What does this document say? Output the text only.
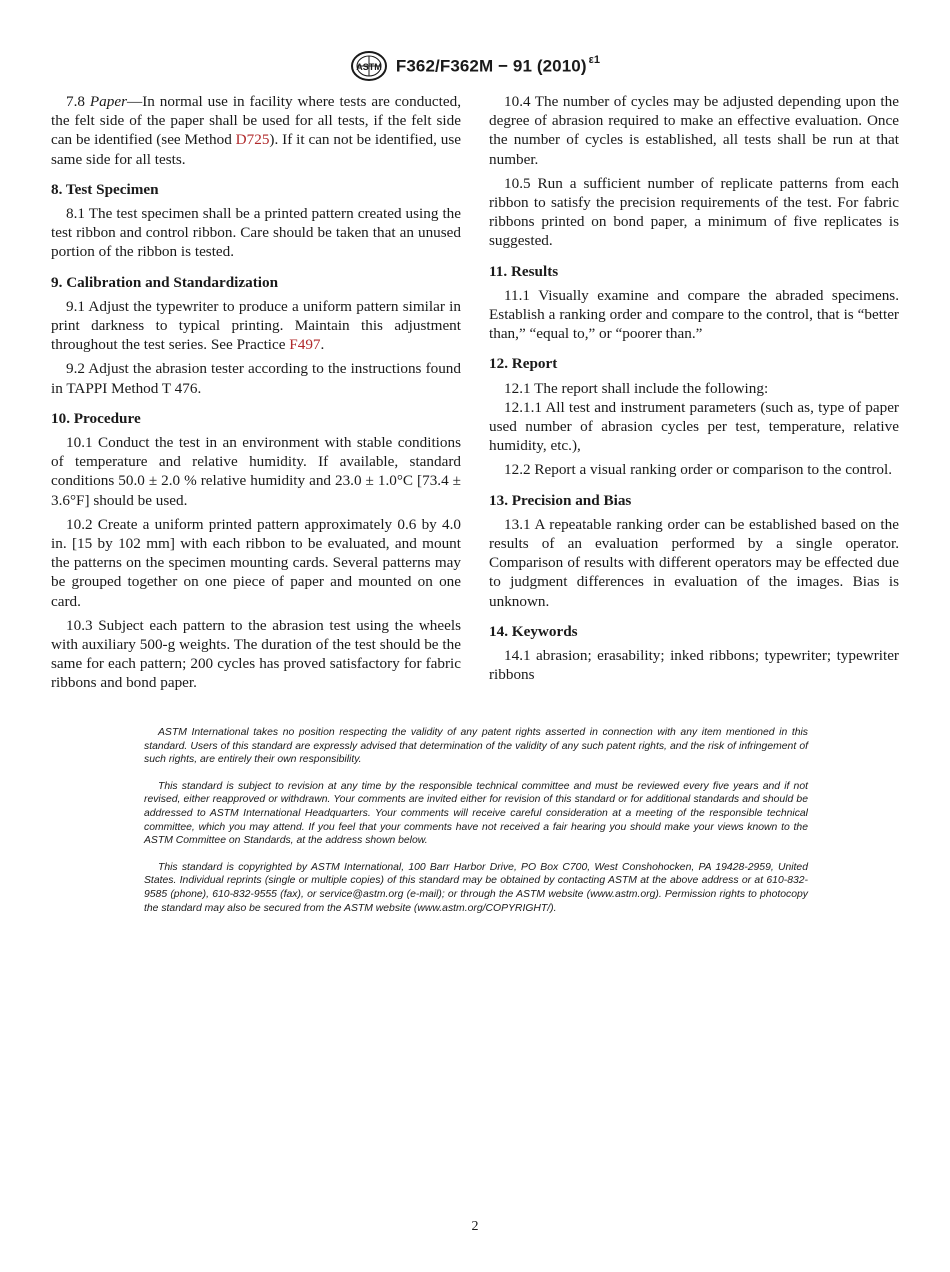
ASTM F362/F362M − 91 (2010) $^{\varepsilon 1}$

7.8 Paper—In normal use in facility where tests are conducted, the felt side of the paper shall be used for all tests, if the felt side can be identified (see Method D725). If it can not be identified, use same side for all tests.

8. Test Specimen

8.1 The test specimen shall be a printed pattern created using the test ribbon and control ribbon. Care should be taken that an unused portion of the ribbon is tested.

9. Calibration and Standardization

9.1 Adjust the typewriter to produce a uniform pattern similar in print darkness to typical printing. Maintain this adjustment throughout the test series. See Practice F497.

9.2 Adjust the abrasion tester according to the instructions found in TAPPI Method T 476.

10. Procedure

10.1 Conduct the test in an environment with stable conditions of temperature and relative humidity. If available, standard conditions 50.0 ± 2.0 % relative humidity and 23.0 ± 1.0°C [73.4 ± 3.6°F] should be used.

10.2 Create a uniform printed pattern approximately 0.6 by 4.0 in. [15 by 102 mm] with each ribbon to be evaluated, and mount the patterns on the specimen mounting cards. Several patterns may be grouped together on one piece of paper and mounted on one card.

10.3 Subject each pattern to the abrasion test using the wheels with auxiliary 500-g weights. The duration of the test should be the same for each pattern; 200 cycles has proved satisfactory for fabric ribbons and bond paper.

10.4 The number of cycles may be adjusted depending upon the degree of abrasion required to make an effective evaluation. Once the number of cycles is established, all tests shall be run at that number.

10.5 Run a sufficient number of replicate patterns from each ribbon to satisfy the precision requirements of the test. For fabric ribbons printed on bond paper, a minimum of five replicates is suggested.

11. Results

11.1 Visually examine and compare the abraded specimens. Establish a ranking order and compare to the control, that is “better than,” “equal to,” or “poorer than.”

12. Report

12.1 The report shall include the following:

12.1.1 All test and instrument parameters (such as, type of paper used number of abrasion cycles per test, temperature, relative humidity, etc.),

12.2 Report a visual ranking order or comparison to the control.

13. Precision and Bias

13.1 A repeatable ranking order can be established based on the results of an evaluation performed by a single operator. Comparison of results with different operators may be effected due to judgment differences in evaluation of the images. Bias is unknown.

14. Keywords

14.1 abrasion; erasability; inked ribbons; typewriter; typewriter ribbons

ASTM International takes no position respecting the validity of any patent rights asserted in connection with any item mentioned in this standard. Users of this standard are expressly advised that determination of the validity of any such patent rights, and the risk of infringement of such rights, are entirely their own responsibility.

This standard is subject to revision at any time by the responsible technical committee and must be reviewed every five years and if not revised, either reapproved or withdrawn. Your comments are invited either for revision of this standard or for additional standards and should be addressed to ASTM International Headquarters. Your comments will receive careful consideration at a meeting of the responsible technical committee, which you may attend. If you feel that your comments have not received a fair hearing you should make your views known to the ASTM Committee on Standards, at the address shown below.

This standard is copyrighted by ASTM International, 100 Barr Harbor Drive, PO Box C700, West Conshohocken, PA 19428-2959, United States. Individual reprints (single or multiple copies) of this standard may be obtained by contacting ASTM at the above address or at 610-832-9585 (phone), 610-832-9555 (fax), or service@astm.org (e-mail); or through the ASTM website (www.astm.org). Permission rights to photocopy the standard may also be secured from the ASTM website (www.astm.org/COPYRIGHT/).

2
